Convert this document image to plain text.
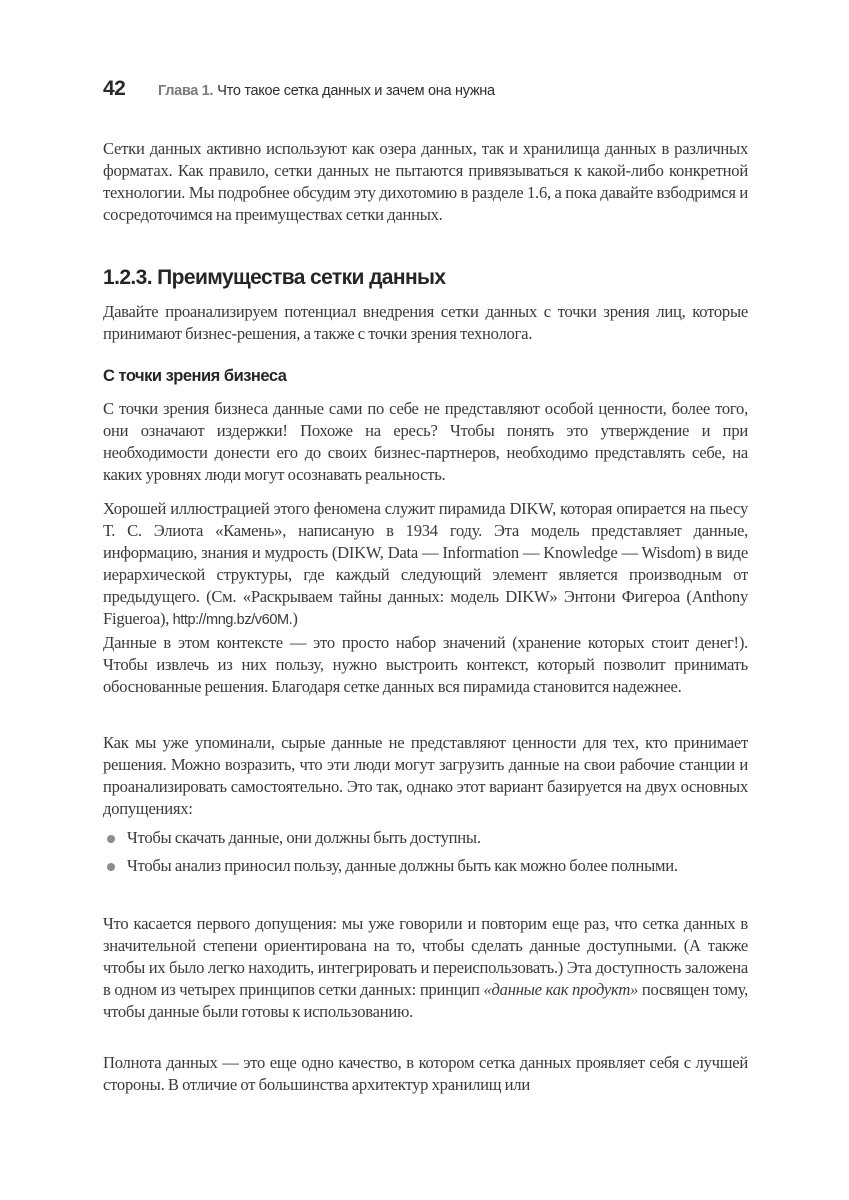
42	Глава 1. Что такое сетка данных и зачем она нужна

Сетки данных активно используют как озера данных, так и хранилища данных в различных форматах. Как правило, сетки данных не пытаются привязываться к какой-либо конкретной технологии. Мы подробнее обсудим эту дихотомию в разделе 1.6, а пока давайте взбодримся и сосредоточимся на преимуществах сетки данных.

1.2.3. Преимущества сетки данных

Давайте проанализируем потенциал внедрения сетки данных с точки зрения лиц, которые принимают бизнес-решения, а также с точки зрения технолога.

С точки зрения бизнеса

С точки зрения бизнеса данные сами по себе не представляют особой ценности, более того, они означают издержки! Похоже на ересь? Чтобы понять это утверждение и при необходимости донести его до своих бизнес-партнеров, необходимо представлять себе, на каких уровнях люди могут осознавать реальность.

Хорошей иллюстрацией этого феномена служит пирамида DIKW, которая опирается на пьесу Т. С. Элиота «Камень», написаную в 1934 году. Эта модель представляет данные, информацию, знания и мудрость (DIKW, Data — Information — Knowledge — Wisdom) в виде иерархической структуры, где каждый следующий элемент является производным от предыдущего. (См. «Раскрываем тайны данных: модель DIKW» Энтони Фигероа (Anthony Figueroa), http://mng.bz/v60M.)

Данные в этом контексте — это просто набор значений (хранение которых стоит денег!). Чтобы извлечь из них пользу, нужно выстроить контекст, который позволит принимать обоснованные решения. Благодаря сетке данных вся пирамида становится надежнее.

Как мы уже упоминали, сырые данные не представляют ценности для тех, кто принимает решения. Можно возразить, что эти люди могут загрузить данные на свои рабочие станции и проанализировать самостоятельно. Это так, однако этот вариант базируется на двух основных допущениях:

Чтобы скачать данные, они должны быть доступны.
Чтобы анализ приносил пользу, данные должны быть как можно более полными.

Что касается первого допущения: мы уже говорили и повторим еще раз, что сетка данных в значительной степени ориентирована на то, чтобы сделать данные доступными. (А также чтобы их было легко находить, интегрировать и переиспользовать.) Эта доступность заложена в одном из четырех принципов сетки данных: принцип «данные как продукт» посвящен тому, чтобы данные были готовы к использованию.

Полнота данных — это еще одно качество, в котором сетка данных проявляет себя с лучшей стороны. В отличие от большинства архитектур хранилищ или
